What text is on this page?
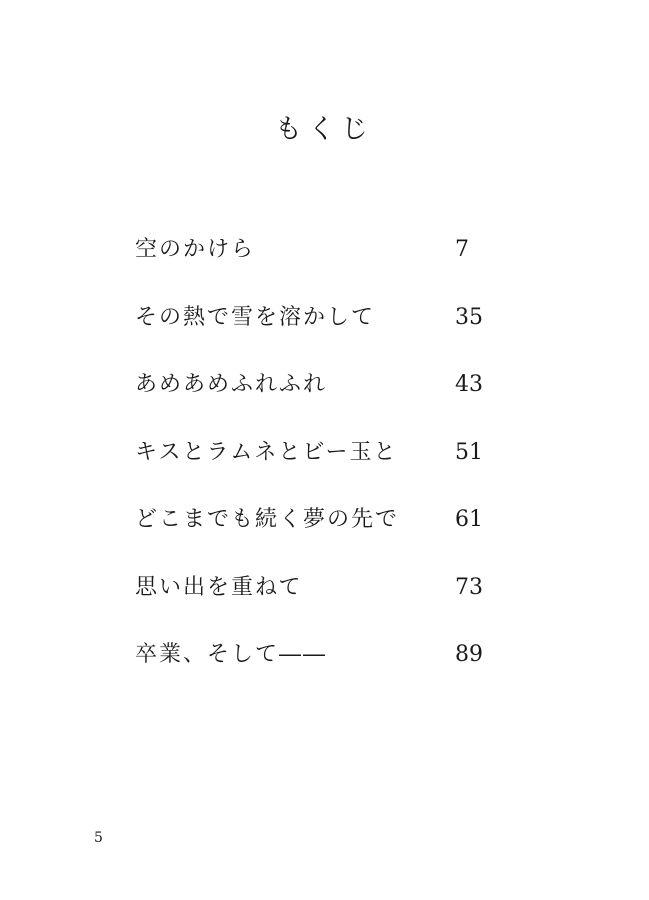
もくじ
空のかけら	7
その熱で雪を溶かして	35
あめあめふれふれ	43
キスとラムネとビー玉と	51
どこまでも続く夢の先で	61
思い出を重ねて	73
卒業、そして――	89
5
